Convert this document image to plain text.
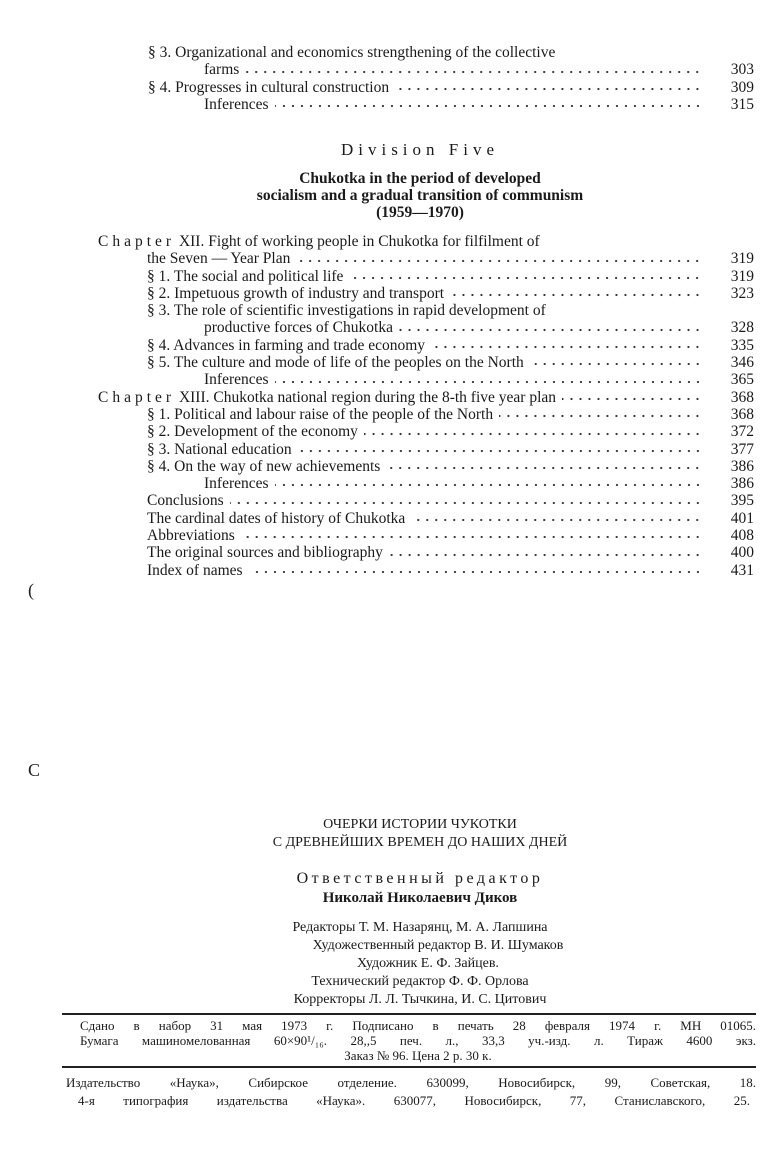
§ 3. Organizational and economics strengthening of the collective
farms	303
§ 4. Progresses in cultural construction	309
Inferences	315
Division Five
Chukotka in the period of developed
socialism and a gradual transition of communism
(1959—1970)
Chapter XII. Fight of working people in Chukotka for filfilment of
the Seven — Year Plan	319
§ 1. The social and political life	319
§ 2. Impetuous growth of industry and transport	323
§ 3. The role of scientific investigations in rapid development of
productive forces of Chukotka	328
§ 4. Advances in farming and trade economy	335
§ 5. The culture and mode of life of the peoples on the North	346
Inferences	365
Chapter XIII. Chukotka national region during the 8-th five year plan	368
§ 1. Political and labour raise of the people of the North	368
§ 2. Development of the economy	372
§ 3. National education	377
§ 4. On the way of new achievements	386
Inferences	386
Conclusions	395
The cardinal dates of history of Chukotka	401
Abbreviations	408
The original sources and bibliography	400
Index of names	431
(
C
ОЧЕРКИ ИСТОРИИ ЧУКОТКИ
С ДРЕВНЕЙШИХ ВРЕМЕН ДО НАШИХ ДНЕЙ
Ответственный редактор
Николай Николаевич Диков
Редакторы Т. М. Назарянц, М. А. Лапшина
Художественный редактор В. И. Шумаков
Художник Е. Ф. Зайцев.
Технический редактор Ф. Ф. Орлова
Корректоры Л. Л. Тычкина, И. С. Цитович
Сдано в набор 31 мая 1973 г. Подписано в печать 28 февраля 1974 г. МН 01065.
Бумага машиномелованная 60×90¹/₁₆. 28,,5 печ. л., 33,3 уч.-изд. л. Тираж 4600 экз.
Заказ № 96. Цена 2 р. 30 к.
Издательство «Наука», Сибирское отделение. 630099, Новосибирск, 99, Советская, 18.
4-я типография издательства «Наука». 630077, Новосибирск, 77, Станиславского, 25.
